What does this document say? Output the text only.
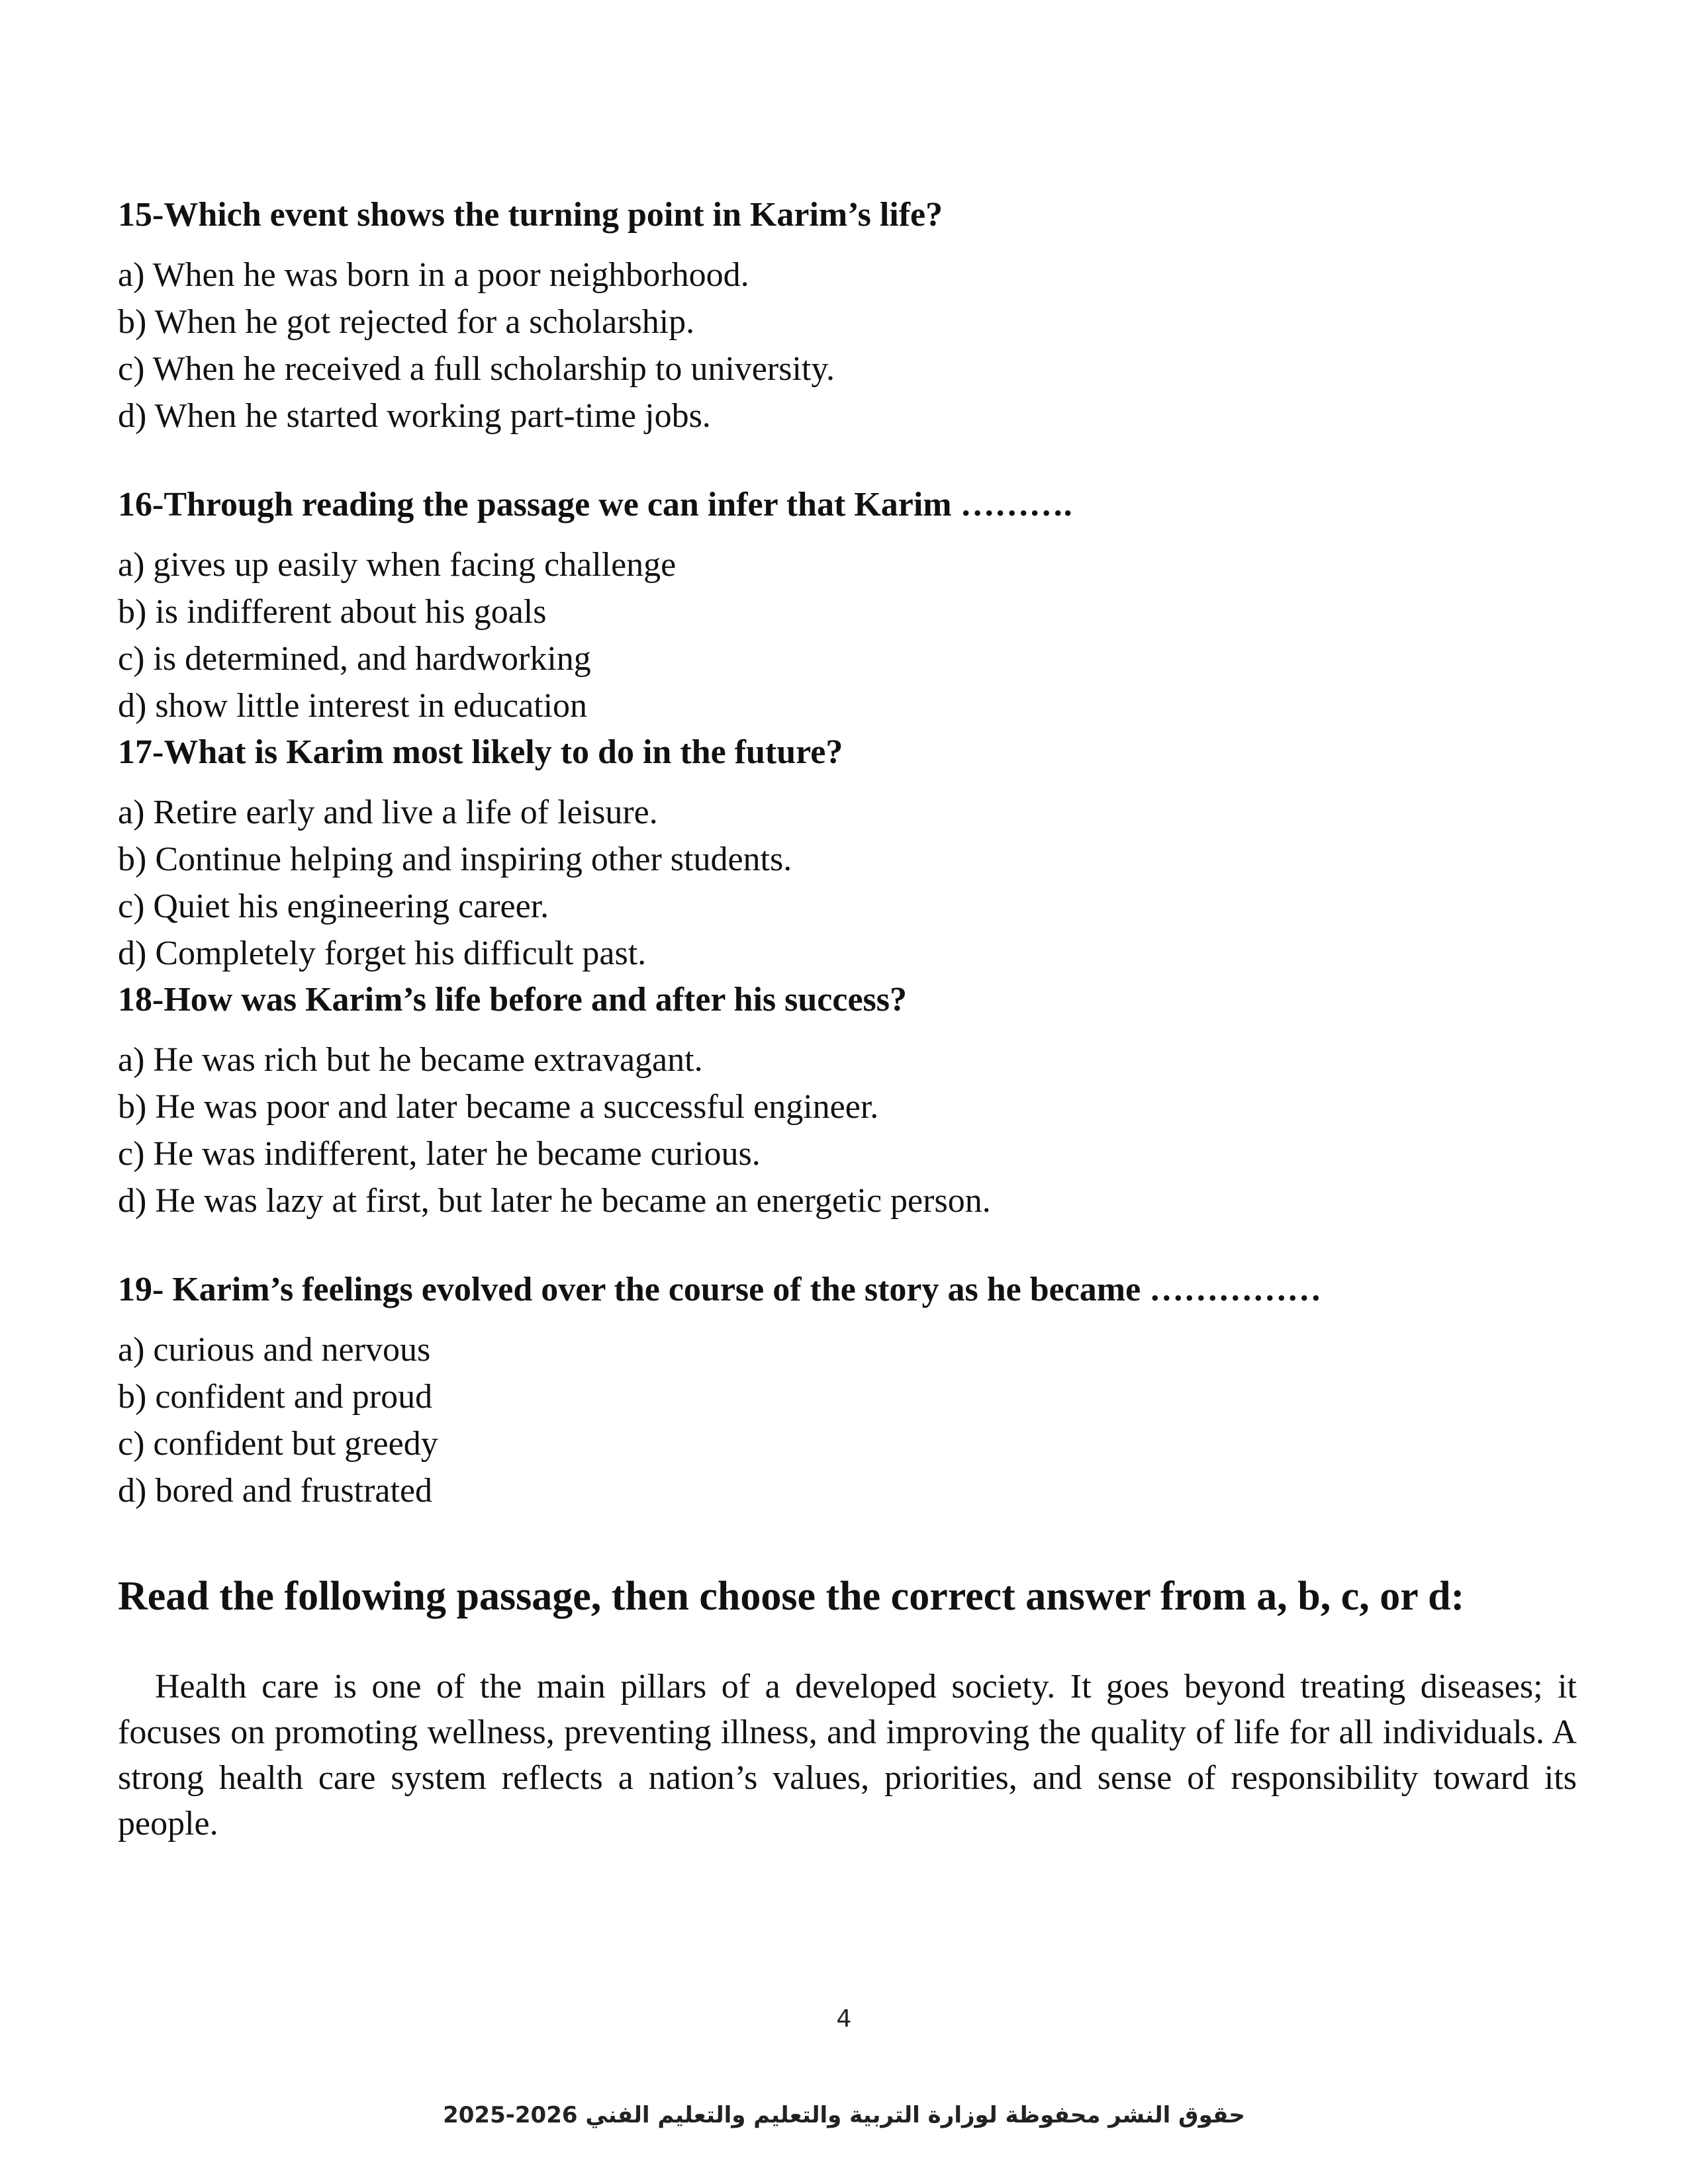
15-Which event shows the turning point in Karim’s life?

a) When he was born in a poor neighborhood.
b) When he got rejected for a scholarship.
c) When he received a full scholarship to university.
d) When he started working part-time jobs.

16-Through reading the passage we can infer that Karim ……….

a) gives up easily when facing challenge
b) is indifferent about his goals
c) is determined, and hardworking
d) show little interest in education

17-What is Karim most likely to do in the future?

a) Retire early and live a life of leisure.
b) Continue helping and inspiring other students.
c) Quiet his engineering career.
d) Completely forget his difficult past.

18-How was Karim’s life before and after his success?

a) He was rich but he became extravagant.
b) He was poor and later became a successful engineer.
c) He was indifferent, later he became curious.
d) He was lazy at first, but later he became an energetic person.

19- Karim’s feelings evolved over the course of the story as he became ……………

a) curious and nervous
b) confident and proud
c) confident but greedy
d) bored and frustrated

Read the following passage, then choose the correct answer from a, b, c, or d:

Health care is one of the main pillars of a developed society. It goes beyond treating diseases; it focuses on promoting wellness, preventing illness, and improving the quality of life for all individuals. A strong health care system reflects a nation’s values, priorities, and sense of responsibility toward its people.

4
حقوق النشر محفوظة لوزارة التربية والتعليم والتعليم الفني 2026-2025
